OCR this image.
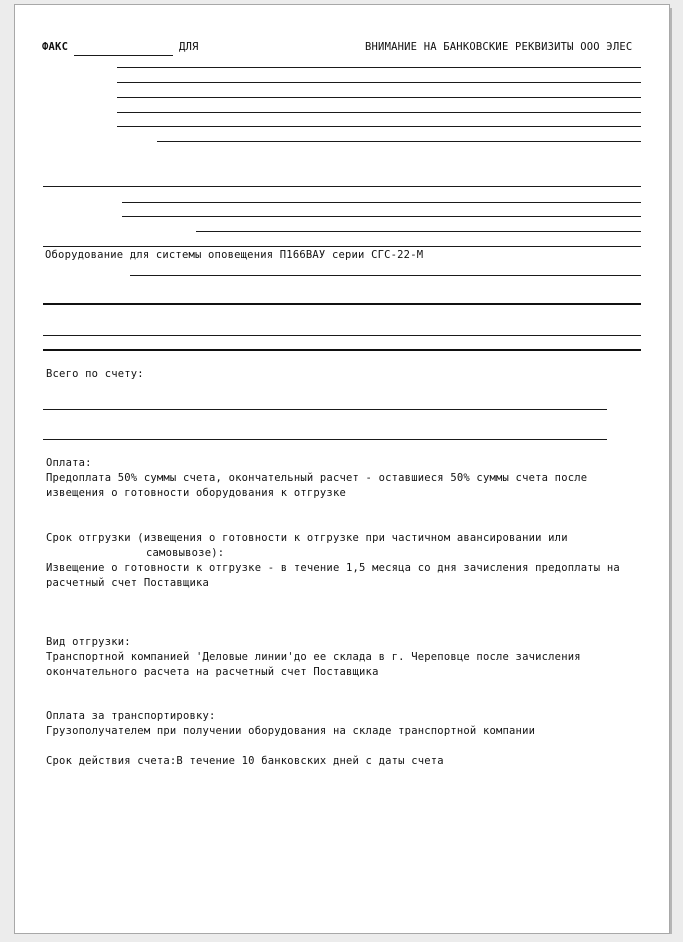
ФАКС	ДЛЯ	ВНИМАНИЕ НА БАНКОВСКИЕ РЕКВИЗИТЫ ООО ЭЛЕС
Оборудование для системы оповещения П166ВАУ серии СГС-22-М
Всего по счету:
Оплата:
Предоплата 50% суммы счета, окончательный расчет - оставшиеся 50% суммы счета после
извещения о готовности оборудования к отгрузке
Срок отгрузки (извещения о готовности к отгрузке при частичном авансировании или
самовывозе):
Извещение о готовности к отгрузке - в течение 1,5 месяца со дня зачисления предоплаты на
расчетный счет Поставщика
Вид отгрузки:
Транспортной компанией 'Деловые линии'до ее склада в г. Череповце после зачисления
окончательного расчета на расчетный счет Поставщика
Оплата за транспортировку:
Грузополучателем при получении оборудования на складе транспортной компании
Срок действия счета:В течение 10 банковских дней с даты счета
